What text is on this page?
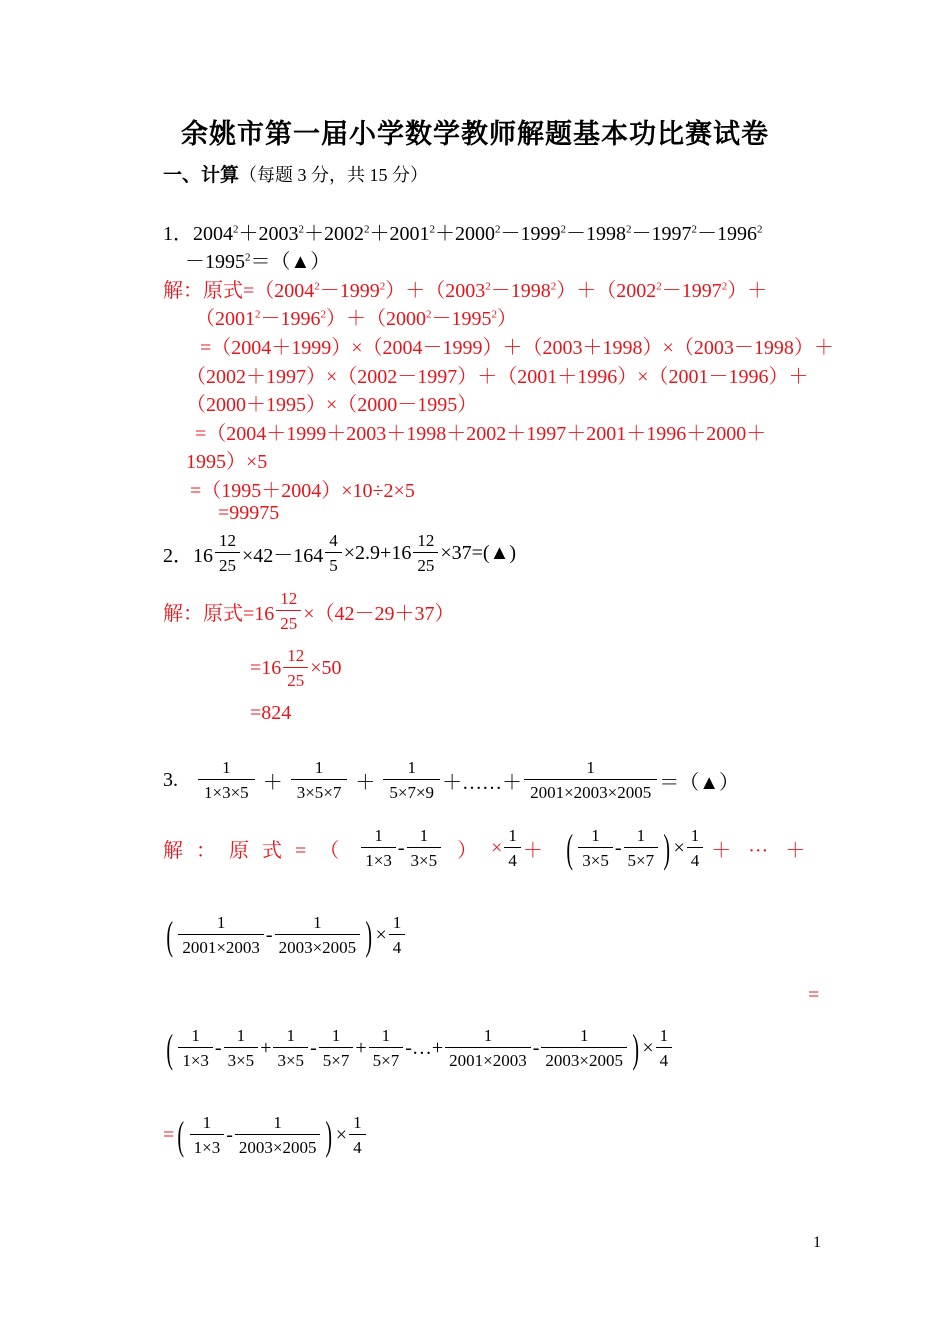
余姚市第一届小学数学教师解题基本功比赛试卷
一、计算（每题 3 分，共 15 分）
1．$2004^2+2003^2+2002^2+2001^2+2000^2-1999^2-1998^2-1997^2-1996^2$
$-1995^2=(▲)$
解：原式$=(2004^2-1999^2)+(2003^2-1998^2)+(2002^2-1997^2)+$
$(2001^2-1996^2)+(2000^2-1995^2)$
=（2004＋1999）×（2004－1999）＋（2003＋1998）×（2003－1998）＋
（2002＋1997）×（2002－1997）＋（2001＋1996）×（2001－1996）＋
（2000＋1995）×（2000－1995）
=（2004＋1999＋2003＋1998＋2002＋1997＋2001＋1996＋2000＋
1995）×5
=（1995＋2004）×10÷2×5
=99975
2．$16 \frac{12}{25} \times 42-164 \frac{4}{5} \times 2.9+16 \frac{12}{25}$ ×37=(▲)
解：原式$=16 \frac{12}{25} \times(42-29+37)$
$=16 \frac{12}{25} \times 50$
=824
3. $\frac{1}{1\times 3\times 5} + \frac{1}{3\times 5\times 7} + \frac{1}{5\times 7\times 9}$ ＋……＋ $\frac{1}{2001\times 2003\times 2005}$ ＝（▲）
解 ： 原 式 = （ $\frac{1}{1\times 3} - \frac{1}{3\times 5}$ ） × $\frac{1}{4}$ ＋ ( $\frac{1}{3\times 5} - \frac{1}{5\times 7}$ ) × $\frac{1}{4}$ ＋ ··· ＋
( $\frac{1}{2001\times 2003} - \frac{1}{2003\times 2005}$ ) × $\frac{1}{4}$
=
( $\frac{1}{1\times 3} - \frac{1}{3\times 5} + \frac{1}{3\times 5} - \frac{1}{5\times 7} + \frac{1}{5\times 7}$ - … + $\frac{1}{2001\times 2003} - \frac{1}{2003\times 2005}$ ) × $\frac{1}{4}$
= ( $\frac{1}{1\times 3} - \frac{1}{2003\times 2005}$ ) × $\frac{1}{4}$
1
